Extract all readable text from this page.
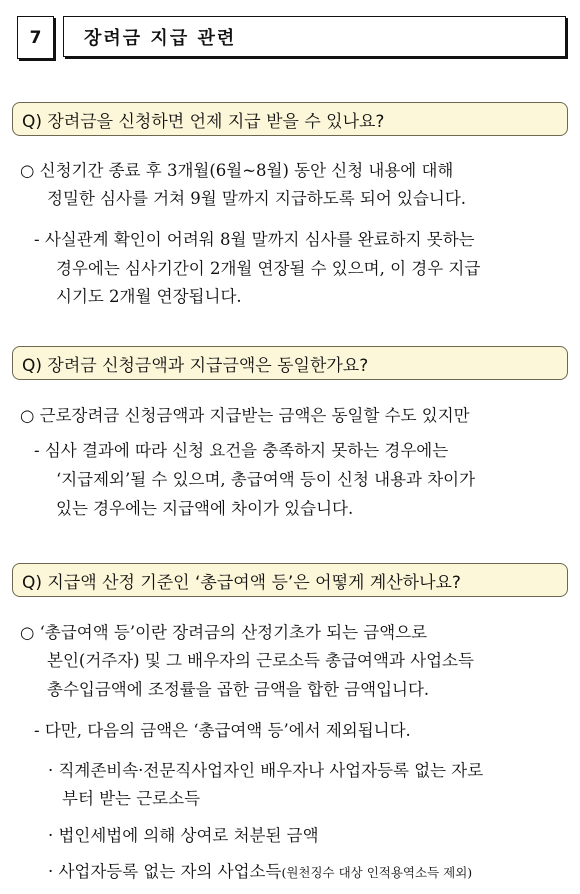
7	장려금 지급 관련
Q) 장려금을 신청하면 언제 지급 받을 수 있나요?
○ 신청기간 종료 후 3개월(6월~8월) 동안 신청 내용에 대해
정밀한 심사를 거쳐 9월 말까지 지급하도록 되어 있습니다.
- 사실관계 확인이 어려워 8월 말까지 심사를 완료하지 못하는
경우에는 심사기간이 2개월 연장될 수 있으며, 이 경우 지급
시기도 2개월 연장됩니다.
Q) 장려금 신청금액과 지급금액은 동일한가요?
○ 근로장려금 신청금액과 지급받는 금액은 동일할 수도 있지만
- 심사 결과에 따라 신청 요건을 충족하지 못하는 경우에는
‘지급제외’될 수 있으며, 총급여액 등이 신청 내용과 차이가
있는 경우에는 지급액에 차이가 있습니다.
Q) 지급액 산정 기준인 ‘총급여액 등’은 어떻게 계산하나요?
○ ‘총급여액 등’이란 장려금의 산정기초가 되는 금액으로
본인(거주자) 및 그 배우자의 근로소득 총급여액과 사업소득
총수입금액에 조정률을 곱한 금액을 합한 금액입니다.
- 다만, 다음의 금액은 ‘총급여액 등’에서 제외됩니다.
· 직계존비속·전문직사업자인 배우자나 사업자등록 없는 자로
부터 받는 근로소득
· 법인세법에 의해 상여로 처분된 금액
· 사업자등록 없는 자의 사업소득(원천징수 대상 인적용역소득 제외)
